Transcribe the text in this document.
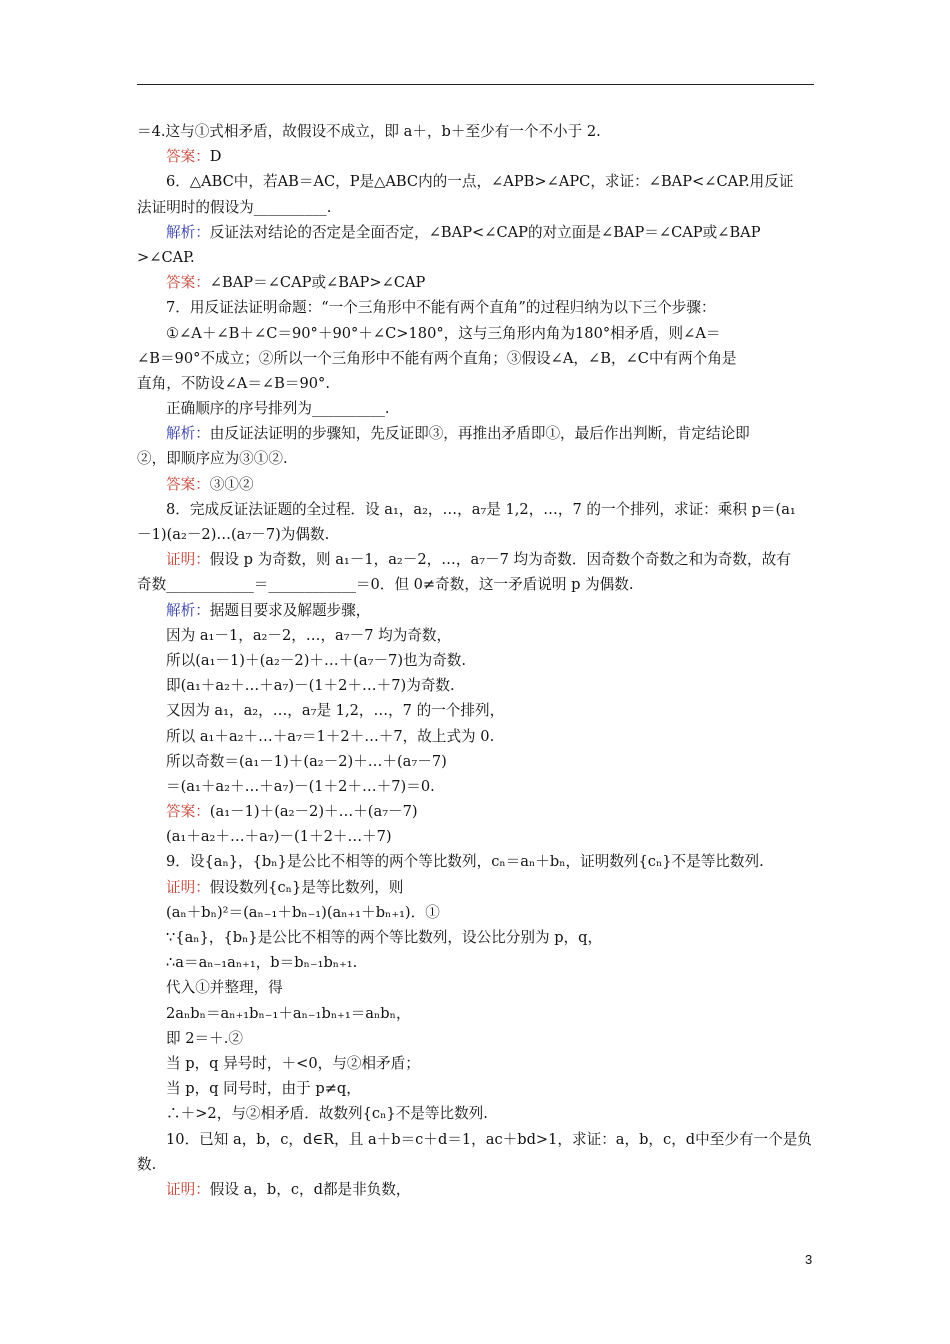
＝4.这与①式相矛盾，故假设不成立，即 a＋，b＋至少有一个不小于 2.
答案：D
6．△ABC中，若AB＝AC，P是△ABC内的一点，∠APB>∠APC，求证：∠BAP<∠CAP.用反证
法证明时的假设为__________.
解析：反证法对结论的否定是全面否定，∠BAP<∠CAP的对立面是∠BAP＝∠CAP或∠BAP
>∠CAP.
答案：∠BAP＝∠CAP或∠BAP>∠CAP
7．用反证法证明命题：“一个三角形中不能有两个直角”的过程归纳为以下三个步骤：
①∠A＋∠B＋∠C＝90°＋90°＋∠C>180°，这与三角形内角为180°相矛盾，则∠A＝
∠B＝90°不成立；②所以一个三角形中不能有两个直角；③假设∠A，∠B，∠C中有两个角是
直角，不防设∠A＝∠B＝90°.
正确顺序的序号排列为__________.
解析：由反证法证明的步骤知，先反证即③，再推出矛盾即①，最后作出判断，肯定结论即
②，即顺序应为③①②.
答案：③①②
8．完成反证法证题的全过程．设 a₁，a₂，…，a₇是 1,2，…，7 的一个排列，求证：乘积 p＝(a₁
－1)(a₂－2)…(a₇－7)为偶数.
证明：假设 p 为奇数，则 a₁－1，a₂－2，…，a₇－7 均为奇数．因奇数个奇数之和为奇数，故有
奇数____________＝____________＝0．但 0≠奇数，这一矛盾说明 p 为偶数.
解析：据题目要求及解题步骤，
因为 a₁－1，a₂－2，…，a₇－7 均为奇数，
所以(a₁－1)＋(a₂－2)＋…＋(a₇－7)也为奇数.
即(a₁＋a₂＋…＋a₇)－(1＋2＋…＋7)为奇数.
又因为 a₁，a₂，…，a₇是 1,2，…，7 的一个排列，
所以 a₁＋a₂＋…＋a₇＝1＋2＋…＋7，故上式为 0.
所以奇数＝(a₁－1)＋(a₂－2)＋…＋(a₇－7)
＝(a₁＋a₂＋…＋a₇)－(1＋2＋…＋7)＝0.
答案：(a₁－1)＋(a₂－2)＋…＋(a₇－7)
(a₁＋a₂＋…＋a₇)－(1＋2＋…＋7)
9．设{aₙ}，{bₙ}是公比不相等的两个等比数列，cₙ＝aₙ＋bₙ，证明数列{cₙ}不是等比数列.
证明：假设数列{cₙ}是等比数列，则
(aₙ＋bₙ)²＝(aₙ₋₁＋bₙ₋₁)(aₙ₊₁＋bₙ₊₁)．①
∵{aₙ}，{bₙ}是公比不相等的两个等比数列，设公比分别为 p，q，
∴a＝aₙ₋₁aₙ₊₁，b＝bₙ₋₁bₙ₊₁.
代入①并整理，得
2aₙbₙ＝aₙ₊₁bₙ₋₁＋aₙ₋₁bₙ₊₁＝aₙbₙ，
即 2＝＋.②
当 p，q 异号时，＋<0，与②相矛盾；
当 p，q 同号时，由于 p≠q，
∴＋>2，与②相矛盾．故数列{cₙ}不是等比数列.
10．已知 a，b，c，d∈R，且 a＋b＝c＋d＝1，ac＋bd>1，求证：a，b，c，d中至少有一个是负
数.
证明：假设 a，b，c，d都是非负数，
3
